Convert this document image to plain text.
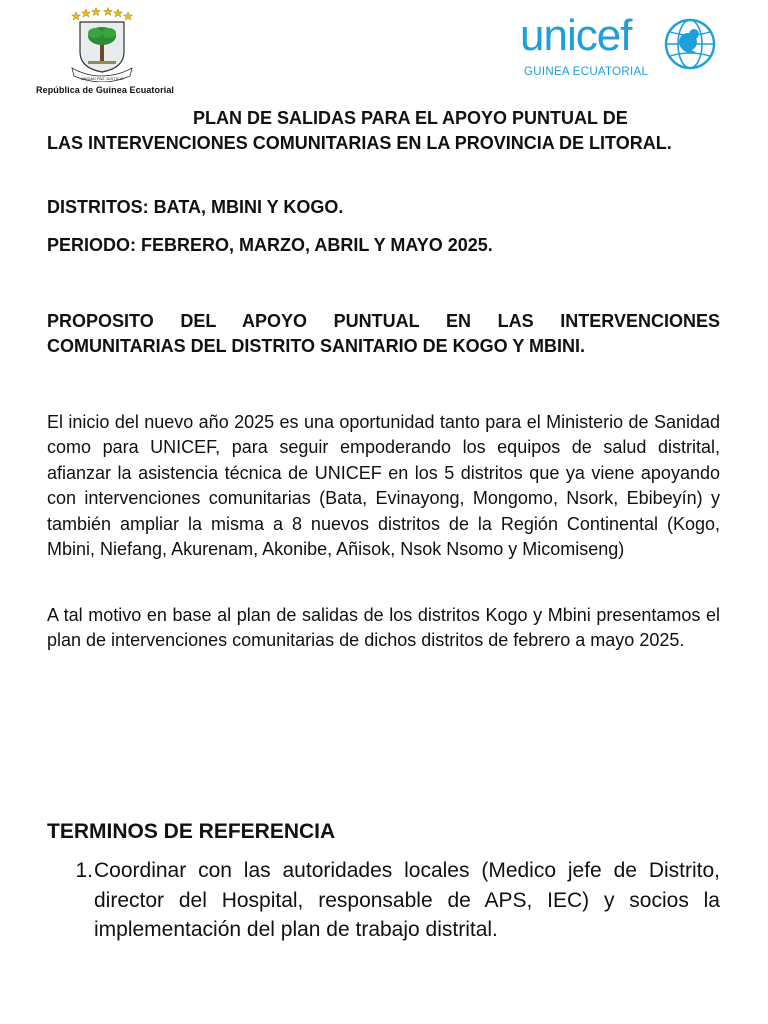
UNIDAD PAZ JUSTICIA
República de Guinea Ecuatorial
unicef
GUINEA ECUATORIAL
PLAN DE SALIDAS PARA EL APOYO PUNTUAL DE
LAS INTERVENCIONES COMUNITARIAS EN LA PROVINCIA DE LITORAL.
DISTRITOS: BATA, MBINI Y KOGO.
PERIODO: FEBRERO, MARZO, ABRIL Y MAYO 2025.
PROPOSITO DEL APOYO PUNTUAL EN LAS INTERVENCIONES COMUNITARIAS DEL DISTRITO SANITARIO DE KOGO Y MBINI.
El inicio del nuevo año 2025 es una oportunidad tanto para el Ministerio de Sanidad como para UNICEF, para seguir empoderando los equipos de salud distrital, afianzar la asistencia técnica de UNICEF en los 5 distritos que ya viene apoyando con intervenciones comunitarias (Bata, Evinayong, Mongomo, Nsork, Ebibeyín) y también ampliar la misma a 8 nuevos distritos de la Región Continental (Kogo, Mbini, Niefang, Akurenam, Akonibe, Añisok, Nsok Nsomo y Micomiseng)
A tal motivo en base al plan de salidas de los distritos Kogo y Mbini presentamos el plan de intervenciones comunitarias de dichos distritos de febrero a mayo 2025.
TERMINOS DE REFERENCIA
1. Coordinar con las autoridades locales (Medico jefe de Distrito, director del Hospital, responsable de APS, IEC) y socios la implementación del plan de trabajo distrital.
